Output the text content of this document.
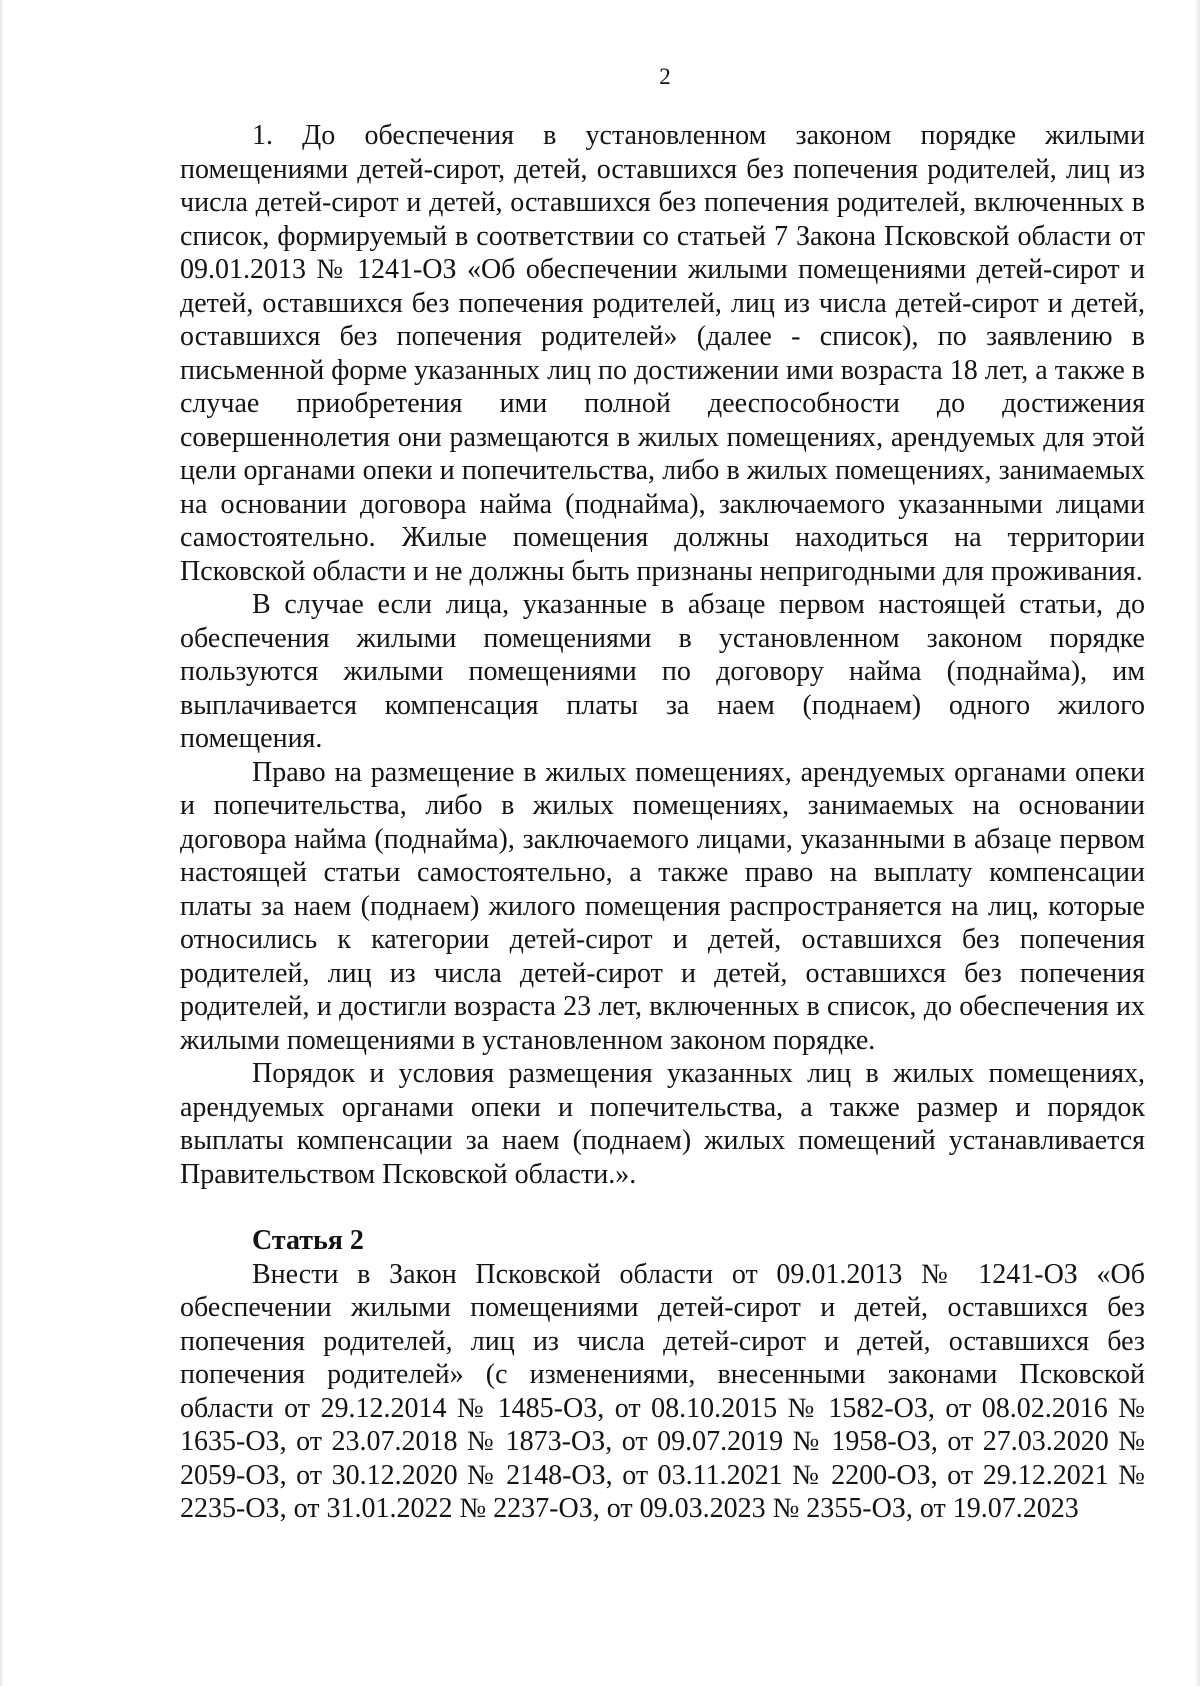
2

1. До обеспечения в установленном законом порядке жилыми помещениями детей-сирот, детей, оставшихся без попечения родителей, лиц из числа детей-сирот и детей, оставшихся без попечения родителей, включенных в список, формируемый в соответствии со статьей 7 Закона Псковской области от 09.01.2013 № 1241-ОЗ «Об обеспечении жилыми помещениями детей-сирот и детей, оставшихся без попечения родителей, лиц из числа детей-сирот и детей, оставшихся без попечения родителей» (далее - список), по заявлению в письменной форме указанных лиц по достижении ими возраста 18 лет, а также в случае приобретения ими полной дееспособности до достижения совершеннолетия они размещаются в жилых помещениях, арендуемых для этой цели органами опеки и попечительства, либо в жилых помещениях, занимаемых на основании договора найма (поднайма), заключаемого указанными лицами самостоятельно. Жилые помещения должны находиться на территории Псковской области и не должны быть признаны непригодными для проживания.

В случае если лица, указанные в абзаце первом настоящей статьи, до обеспечения жилыми помещениями в установленном законом порядке пользуются жилыми помещениями по договору найма (поднайма), им выплачивается компенсация платы за наем (поднаем) одного жилого помещения.

Право на размещение в жилых помещениях, арендуемых органами опеки и попечительства, либо в жилых помещениях, занимаемых на основании договора найма (поднайма), заключаемого лицами, указанными в абзаце первом настоящей статьи самостоятельно, а также право на выплату компенсации платы за наем (поднаем) жилого помещения распространяется на лиц, которые относились к категории детей-сирот и детей, оставшихся без попечения родителей, лиц из числа детей-сирот и детей, оставшихся без попечения родителей, и достигли возраста 23 лет, включенных в список, до обеспечения их жилыми помещениями в установленном законом порядке.

Порядок и условия размещения указанных лиц в жилых помещениях, арендуемых органами опеки и попечительства, а также размер и порядок выплаты компенсации за наем (поднаем) жилых помещений устанавливается Правительством Псковской области.».

Статья 2

Внести в Закон Псковской области от 09.01.2013 № 1241-ОЗ «Об обеспечении жилыми помещениями детей-сирот и детей, оставшихся без попечения родителей, лиц из числа детей-сирот и детей, оставшихся без попечения родителей» (с изменениями, внесенными законами Псковской области от 29.12.2014 № 1485-ОЗ, от 08.10.2015 № 1582-ОЗ, от 08.02.2016 № 1635-ОЗ, от 23.07.2018 № 1873-ОЗ, от 09.07.2019 № 1958-ОЗ, от 27.03.2020 № 2059-ОЗ, от 30.12.2020 № 2148-ОЗ, от 03.11.2021 № 2200-ОЗ, от 29.12.2021 № 2235-ОЗ, от 31.01.2022 № 2237-ОЗ, от 09.03.2023 № 2355-ОЗ, от 19.07.2023
